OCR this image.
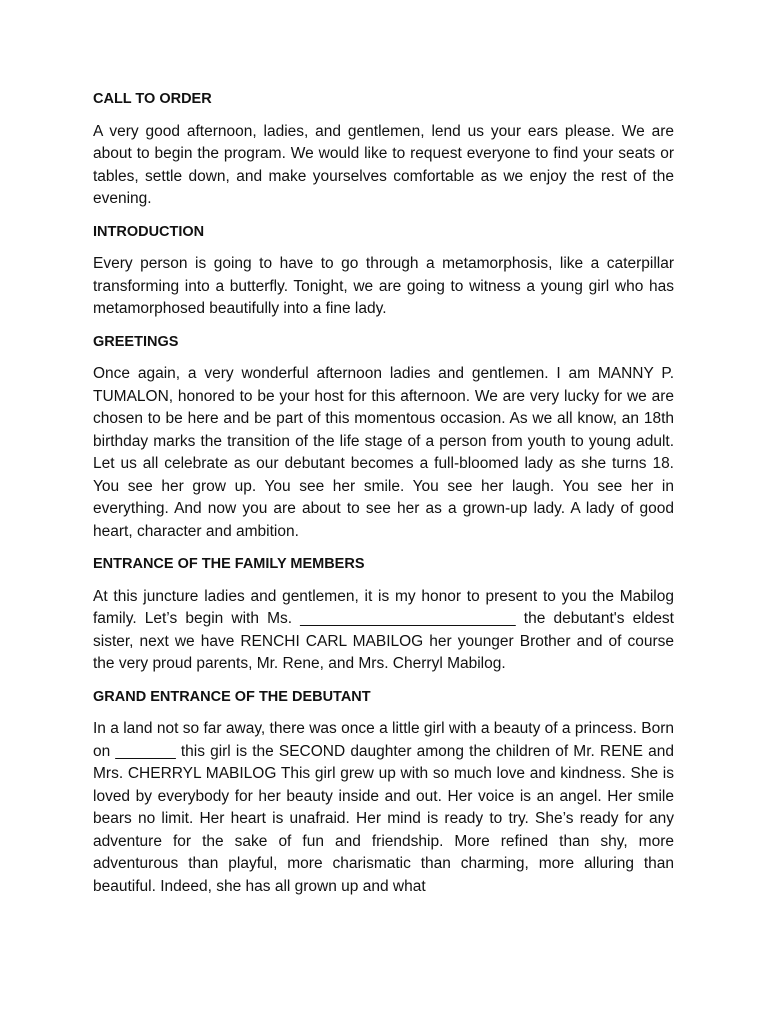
CALL TO ORDER

A very good afternoon, ladies, and gentlemen, lend us your ears please. We are about to begin the program. We would like to request everyone to find your seats or tables, settle down, and make yourselves comfortable as we enjoy the rest of the evening.

INTRODUCTION

Every person is going to have to go through a metamorphosis, like a caterpillar transforming into a butterfly. Tonight, we are going to witness a young girl who has metamorphosed beautifully into a fine lady.

GREETINGS

Once again, a very wonderful afternoon ladies and gentlemen. I am MANNY P. TUMALON, honored to be your host for this afternoon. We are very lucky for we are chosen to be here and be part of this momentous occasion. As we all know, an 18th birthday marks the transition of the life stage of a person from youth to young adult. Let us all celebrate as our debutant becomes a full-bloomed lady as she turns 18. You see her grow up. You see her smile. You see her laugh. You see her in everything. And now you are about to see her as a grown-up lady. A lady of good heart, character and ambition.

ENTRANCE OF THE FAMILY MEMBERS

At this juncture ladies and gentlemen, it is my honor to present to you the Mabilog family. Let’s begin with Ms. _________________________ the debutant's eldest sister, next we have RENCHI CARL MABILOG her younger Brother and of course the very proud parents, Mr. Rene, and Mrs. Cherryl Mabilog.

GRAND ENTRANCE OF THE DEBUTANT

In a land not so far away, there was once a little girl with a beauty of a princess. Born on _______ this girl is the SECOND daughter among the children of Mr. RENE and Mrs. CHERRYL MABILOG This girl grew up with so much love and kindness. She is loved by everybody for her beauty inside and out. Her voice is an angel. Her smile bears no limit. Her heart is unafraid. Her mind is ready to try. She’s ready for any adventure for the sake of fun and friendship. More refined than shy, more adventurous than playful, more charismatic than charming, more alluring than beautiful. Indeed, she has all grown up and what
